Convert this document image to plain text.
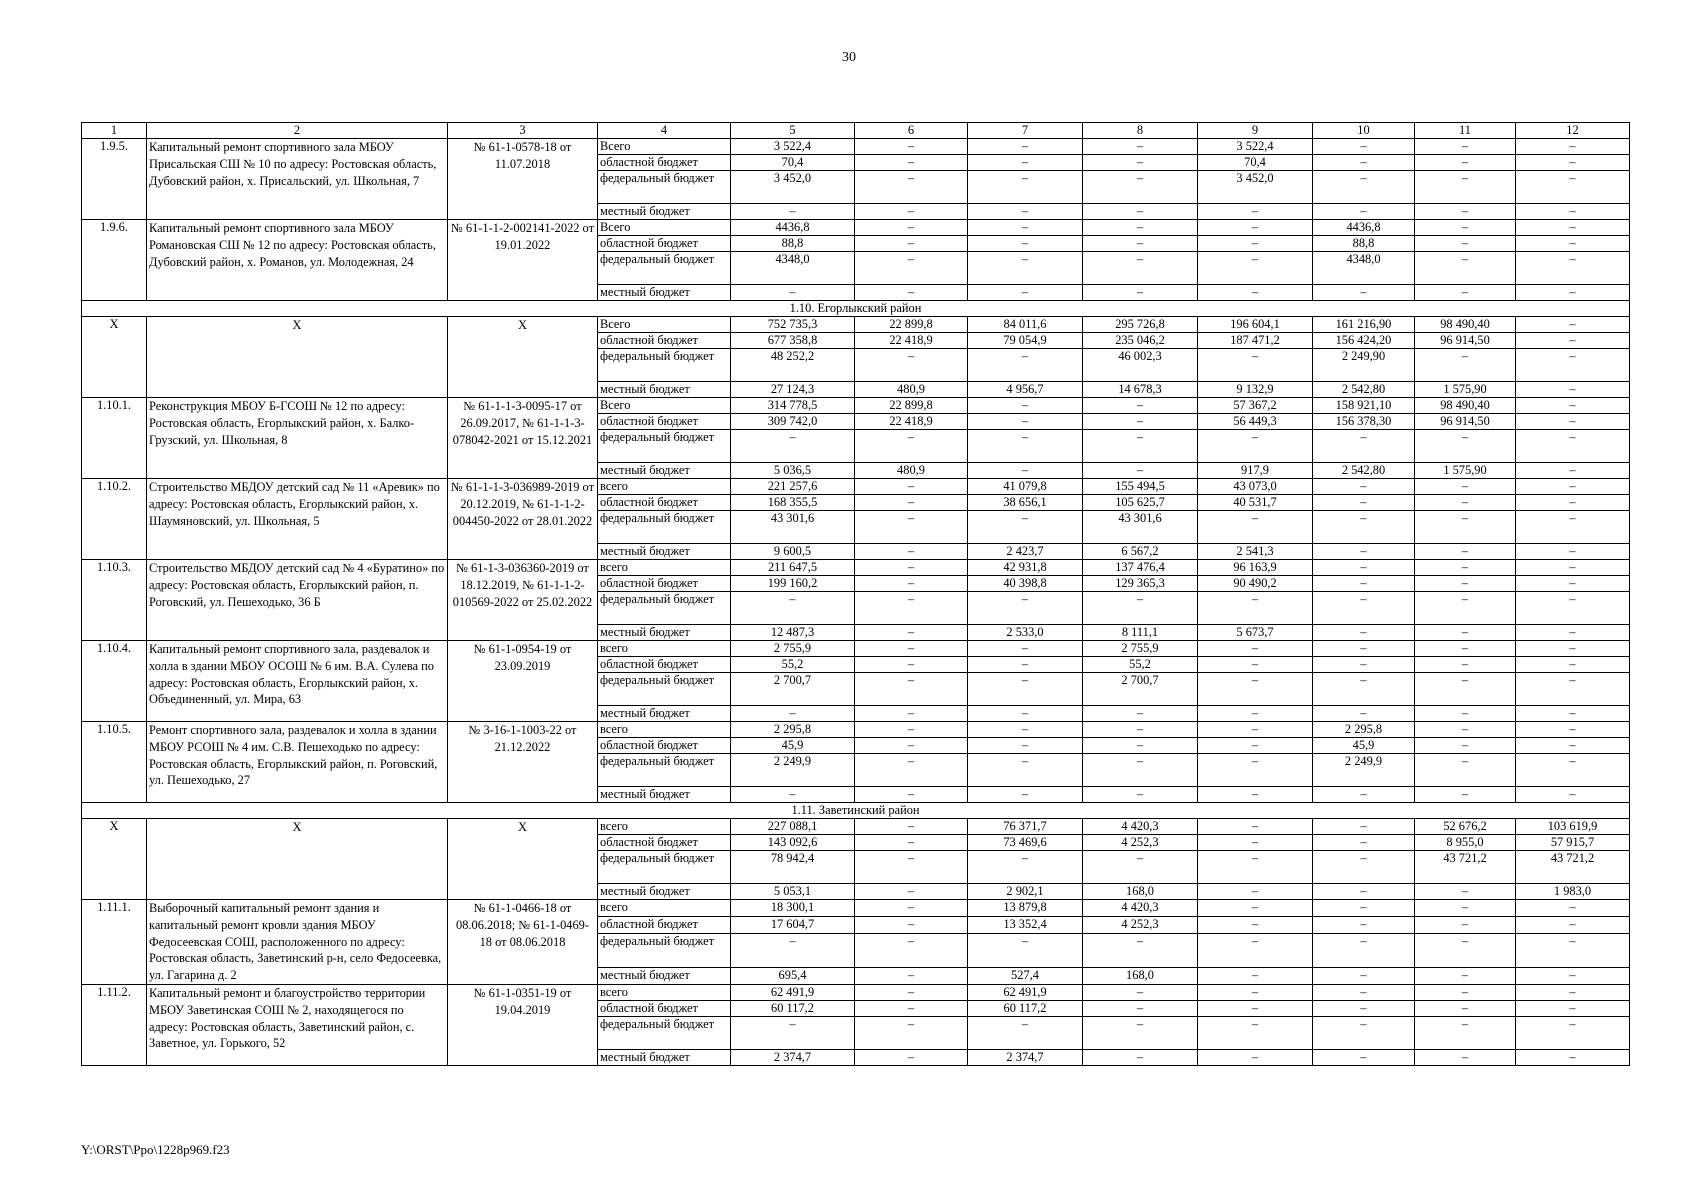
30
1	2	3	4	5	6	7	8	9	10	11	12
1.9.5.	Капитальный ремонт спортивного зала МБОУ Присальская СШ № 10 по адресу: Ростовская область, Дубовский район, х. Присальский, ул. Школьная, 7	№ 61-1-0578-18 от 11.07.2018	Всего	3 522,4	–	–	–	3 522,4	–	–	–
			областной бюджет	70,4	–	–	–	70,4	–	–	–
			федеральный бюджет	3 452,0	–	–	–	3 452,0	–	–	–
			местный бюджет	–	–	–	–	–	–	–	–
1.9.6.	Капитальный ремонт спортивного зала МБОУ Романовская СШ № 12 по адресу: Ростовская область, Дубовский район, х. Романов, ул. Молодежная, 24	№ 61-1-1-2-002141-2022 от 19.01.2022	Всего	4436,8	–	–	–	–	4436,8	–	–
			областной бюджет	88,8	–	–	–	–	88,8	–	–
			федеральный бюджет	4348,0	–	–	–	–	4348,0	–	–
			местный бюджет	–	–	–	–	–	–	–	–
1.10. Егорлыкский район											
X	X	X	Всего	752 735,3	22 899,8	84 011,6	295 726,8	196 604,1	161 216,90	98 490,40	–
			областной бюджет	677 358,8	22 418,9	79 054,9	235 046,2	187 471,2	156 424,20	96 914,50	–
			федеральный бюджет	48 252,2	–	–	46 002,3	–	2 249,90	–	–
			местный бюджет	27 124,3	480,9	4 956,7	14 678,3	9 132,9	2 542,80	1 575,90	–
1.10.1.	Реконструкция МБОУ Б-ГСОШ № 12 по адресу: Ростовская область, Егорлыкский район, х. Балко-Грузский, ул. Школьная, 8	№ 61-1-1-3-0095-17 от 26.09.2017, № 61-1-1-3-078042-2021 от 15.12.2021	Всего	314 778,5	22 899,8	–	–	57 367,2	158 921,10	98 490,40	–
			областной бюджет	309 742,0	22 418,9	–	–	56 449,3	156 378,30	96 914,50	–
			федеральный бюджет	–	–	–	–	–	–	–	–
			местный бюджет	5 036,5	480,9	–	–	917,9	2 542,80	1 575,90	–
1.10.2.	Строительство МБДОУ детский сад № 11 «Аревик» по адресу: Ростовская область, Егорлыкский район, х. Шаумяновский, ул. Школьная, 5	№ 61-1-1-3-036989-2019 от 20.12.2019, № 61-1-1-2-004450-2022 от 28.01.2022	всего	221 257,6	–	41 079,8	155 494,5	43 073,0	–	–	–
			областной бюджет	168 355,5	–	38 656,1	105 625,7	40 531,7	–	–	–
			федеральный бюджет	43 301,6	–	–	43 301,6	–	–	–	–
			местный бюджет	9 600,5	–	2 423,7	6 567,2	2 541,3	–	–	–
1.10.3.	Строительство МБДОУ детский сад № 4 «Буратино» по адресу: Ростовская область, Егорлыкский район, п. Роговский, ул. Пешеходько, 36 Б	№ 61-1-3-036360-2019 от 18.12.2019, № 61-1-1-2-010569-2022 от 25.02.2022	всего	211 647,5	–	42 931,8	137 476,4	96 163,9	–	–	–
			областной бюджет	199 160,2	–	40 398,8	129 365,3	90 490,2	–	–	–
			федеральный бюджет	–	–	–	–	–	–	–	–
			местный бюджет	12 487,3	–	2 533,0	8 111,1	5 673,7	–	–	–
1.10.4.	Капитальный ремонт спортивного зала, раздевалок и холла в здании МБОУ ОСОШ № 6 им. В.А. Сулева по адресу: Ростовская область, Егорлыкский район, х. Объединенный, ул. Мира, 63	№ 61-1-0954-19 от 23.09.2019	всего	2 755,9	–	–	2 755,9	–	–	–	–
			областной бюджет	55,2	–	–	55,2	–	–	–	–
			федеральный бюджет	2 700,7	–	–	2 700,7	–	–	–	–
			местный бюджет	–	–	–	–	–	–	–	–
1.10.5.	Ремонт спортивного зала, раздевалок и холла в здании МБОУ РСОШ № 4 им. С.В. Пешеходько по адресу: Ростовская область, Егорлыкский район, п. Роговский, ул. Пешеходько, 27	№ 3-16-1-1003-22 от 21.12.2022	всего	2 295,8	–	–	–	–	2 295,8	–	–
			областной бюджет	45,9	–	–	–	–	45,9	–	–
			федеральный бюджет	2 249,9	–	–	–	–	2 249,9	–	–
			местный бюджет	–	–	–	–	–	–	–	–
1.11. Заветинский район											
X	X	X	всего	227 088,1	–	76 371,7	4 420,3	–	–	52 676,2	103 619,9
			областной бюджет	143 092,6	–	73 469,6	4 252,3	–	–	8 955,0	57 915,7
			федеральный бюджет	78 942,4	–	–	–	–	–	43 721,2	43 721,2
			местный бюджет	5 053,1	–	2 902,1	168,0	–	–	–	1 983,0
1.11.1.	Выборочный капитальный ремонт здания и капитальный ремонт кровли здания МБОУ Федосеевская СОШ, расположенного по адресу: Ростовская область, Заветинский р-н, село Федосеевка, ул. Гагарина д. 2	№ 61-1-0466-18 от 08.06.2018; № 61-1-0469-18 от 08.06.2018	всего	18 300,1	–	13 879,8	4 420,3	–	–	–	–
			областной бюджет	17 604,7	–	13 352,4	4 252,3	–	–	–	–
			федеральный бюджет	–	–	–	–	–	–	–	–
			местный бюджет	695,4	–	527,4	168,0	–	–	–	–
1.11.2.	Капитальный ремонт и благоустройство территории МБОУ Заветинская СОШ № 2, находящегося по адресу: Ростовская область, Заветинский район, с. Заветное, ул. Горького, 52	№ 61-1-0351-19 от 19.04.2019	всего	62 491,9	–	62 491,9	–	–	–	–	–
			областной бюджет	60 117,2	–	60 117,2	–	–	–	–	–
			федеральный бюджет	–	–	–	–	–	–	–	–
			местный бюджет	2 374,7	–	2 374,7	–	–	–	–	–
Y:\ORST\Ppo\1228p969.f23
